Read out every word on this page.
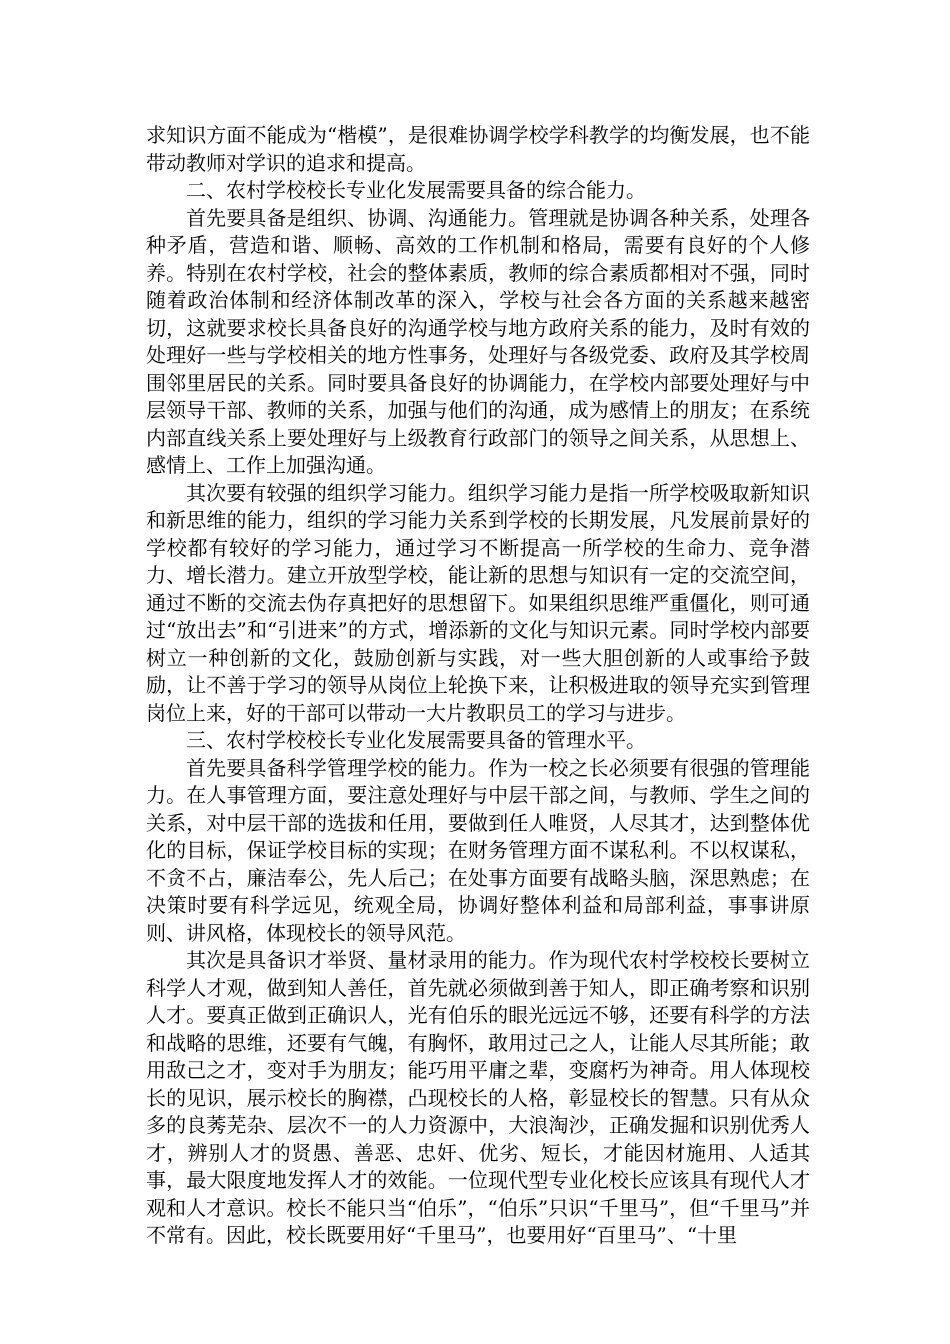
求知识方面不能成为“楷模”，是很难协调学校学科教学的均衡发展，也不能带动教师对学识的追求和提高。

二、农村学校校长专业化发展需要具备的综合能力。

首先要具备是组织、协调、沟通能力。管理就是协调各种关系，处理各种矛盾，营造和谐、顺畅、高效的工作机制和格局，需要有良好的个人修养。特别在农村学校，社会的整体素质，教师的综合素质都相对不强，同时随着政治体制和经济体制改革的深入，学校与社会各方面的关系越来越密切，这就要求校长具备良好的沟通学校与地方政府关系的能力，及时有效的处理好一些与学校相关的地方性事务，处理好与各级党委、政府及其学校周围邻里居民的关系。同时要具备良好的协调能力，在学校内部要处理好与中层领导干部、教师的关系，加强与他们的沟通，成为感情上的朋友；在系统内部直线关系上要处理好与上级教育行政部门的领导之间关系，从思想上、感情上、工作上加强沟通。

其次要有较强的组织学习能力。组织学习能力是指一所学校吸取新知识和新思维的能力，组织的学习能力关系到学校的长期发展，凡发展前景好的学校都有较好的学习能力，通过学习不断提高一所学校的生命力、竞争潜力、增长潜力。建立开放型学校，能让新的思想与知识有一定的交流空间，通过不断的交流去伪存真把好的思想留下。如果组织思维严重僵化，则可通过“放出去”和“引进来”的方式，增添新的文化与知识元素。同时学校内部要树立一种创新的文化，鼓励创新与实践，对一些大胆创新的人或事给予鼓励，让不善于学习的领导从岗位上轮换下来，让积极进取的领导充实到管理岗位上来，好的干部可以带动一大片教职员工的学习与进步。

三、农村学校校长专业化发展需要具备的管理水平。

首先要具备科学管理学校的能力。作为一校之长必须要有很强的管理能力。在人事管理方面，要注意处理好与中层干部之间，与教师、学生之间的关系，对中层干部的选拔和任用，要做到任人唯贤，人尽其才，达到整体优化的目标，保证学校目标的实现；在财务管理方面不谋私利。不以权谋私，不贪不占，廉洁奉公，先人后己；在处事方面要有战略头脑，深思熟虑；在决策时要有科学远见，统观全局，协调好整体利益和局部利益，事事讲原则、讲风格，体现校长的领导风范。

其次是具备识才举贤、量材录用的能力。作为现代农村学校校长要树立科学人才观，做到知人善任，首先就必须做到善于知人，即正确考察和识别人才。要真正做到正确识人，光有伯乐的眼光远远不够，还要有科学的方法和战略的思维，还要有气魄，有胸怀，敢用过己之人，让能人尽其所能；敢用敌己之才，变对手为朋友；能巧用平庸之辈，变腐朽为神奇。用人体现校长的见识，展示校长的胸襟，凸现校长的人格，彰显校长的智慧。只有从众多的良莠芜杂、层次不一的人力资源中，大浪淘沙，正确发掘和识别优秀人才，辨别人才的贤愚、善恶、忠奸、优劣、短长，才能因材施用、人适其事，最大限度地发挥人才的效能。一位现代型专业化校长应该具有现代人才观和人才意识。校长不能只当“伯乐”，“伯乐”只识“千里马”，但“千里马”并不常有。因此，校长既要用好“千里马”，也要用好“百里马”、“十里
